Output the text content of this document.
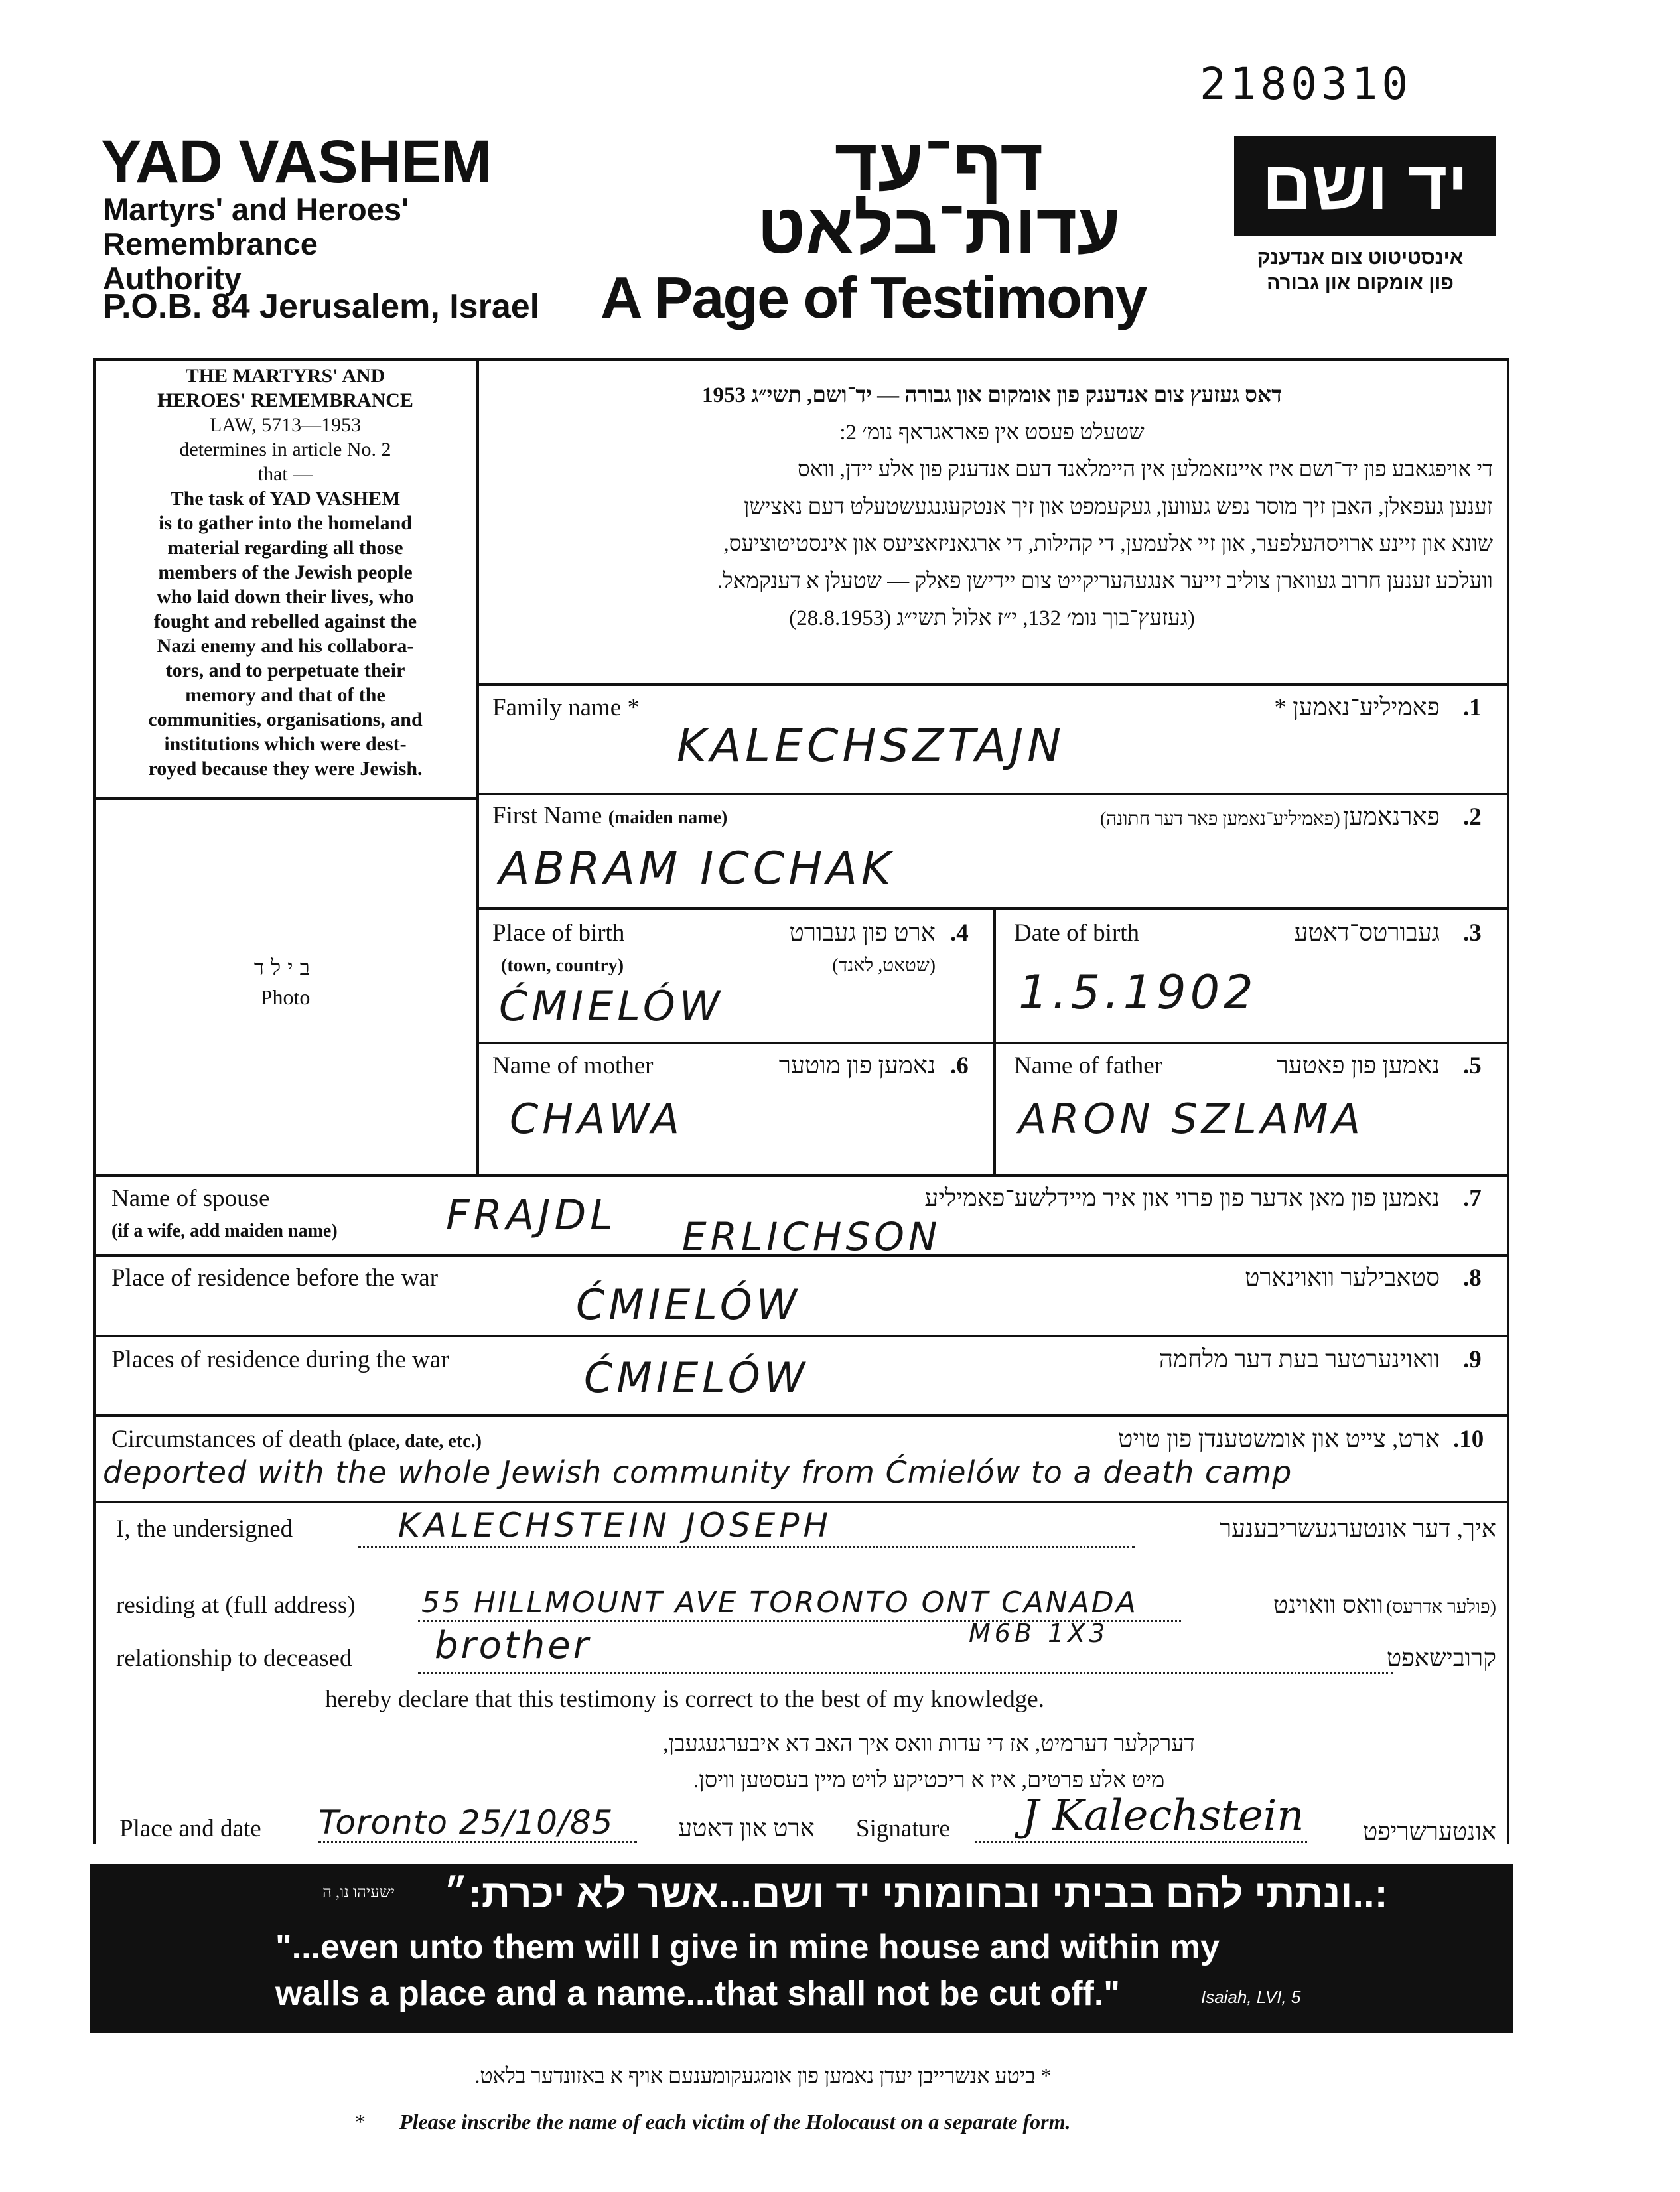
2180310
YAD VASHEM
Martyrs' and Heroes'
Remembrance
Authority
P.O.B. 84 Jerusalem, Israel
דף־עד
עדות־בלאט
A Page of Testimony
יד ושם
אינסטיטוט צום אנדענק
פון אומקום און גבורה
THE MARTYRS' AND
HEROES' REMEMBRANCE
LAW, 5713—1953
determines in article No. 2
that —
The task of YAD VASHEM
is to gather into the homeland
material regarding all those
members of the Jewish people
who laid down their lives, who
fought and rebelled against the
Nazi enemy and his collabora-
tors, and to perpetuate their
memory and that of the
communities, organisations, and
institutions which were dest-
royed because they were Jewish.
בילד
Photo
דאס געזעץ צום אנדענק פון אומקום און גבורה — יד־ושם, תשי״ג 1953
שטעלט פעסט אין פאראגראף נומ׳ 2:
די אויפגאבע פון יד־ושם איז איינזאמלען אין היימלאנד דעם אנדענק פון אלע יידן, וואס
זענען געפאלן, האבן זיך מוסר נפש געווען, געקעמפט און זיך אנטקעגנגעשטעלט דעם נאצישן
שונא און זיינע ארויסהעלפער, און זיי אלעמען, די קהילות, די ארגאניזאציעס און אינסטיטוציעס,
וועלכע זענען חרוב געווארן צוליב זייער אנגעהעריקייט צום יידישן פאלק — שטעלן א דענקמאל.
(געזעץ־בוך נומ׳ 132, י״ז אלול תשי״ג (28.8.1953)
Family name *	פאמיליע־נאמען * .1
KALECHSZTAJN
First Name (maiden name)	פארנאמען (פאמיליע־נאמען פאר דער חתונה)	.2
ABRAM ICCHAK
Place of birth	ארט פון געבורט .4
(town, country)	(שטאט, לאנד)
ĆMIELÓW
Date of birth	געבורטס־דאטע .3
1.5.1902
Name of mother	נאמען פון מוטער .6
CHAWA
Name of father	נאמען פון פאטער .5
ARON SZLAMA
Name of spouse
(if a wife, add maiden name)
נאמען פון מאן אדער פון פרוי און איר מיידלשע־פאמיליע .7
FRAJDL ERLICHSON
Place of residence before the war	סטאבילער וואוינארט .8
ĆMIELÓW
Places of residence during the war	וואוינערטער בעת דער מלחמה .9
ĆMIELÓW
Circumstances of death (place, date, etc.)	ארט, צייט און אומשטענדן פון טויט .10
deported with the whole Jewish community from Ćmielów to a death camp
I, the undersigned	KALECHSTEIN JOSEPH	איך, דער אונטערגעשריבענער
residing at (full address) 55 HILLMOUNT AVE TORONTO ONT CANADA	(פולער אדרעס) וואס וואוינט
M6B 1X3
relationship to deceased brother	קרובישאפט
hereby declare that this testimony is correct to the best of my knowledge.
דערקלער דערמיט, אז די עדות וואס איך האב דא איבערגעגעבן,
מיט אלע פרטים, איז א ריכטיקע לויט מיין בעסטען וויסן.
Place and date Toronto 25/10/85	ארט און דאטע	Signature J Kalechstein	אונטערשריפט
:..ונתתי להם בביתי ובחומותי יד ושם...אשר לא יכרת:״
ישעיהו נו, ה
"...even unto them will I give in mine house and within my
walls a place and a name...that shall not be cut off."	Isaiah, LVI, 5
* ביטע אנשרייבן יעדן נאמען פון אומגעקומענעם אויף א באזונדער בלאט.
* Please inscribe the name of each victim of the Holocaust on a separate form.
